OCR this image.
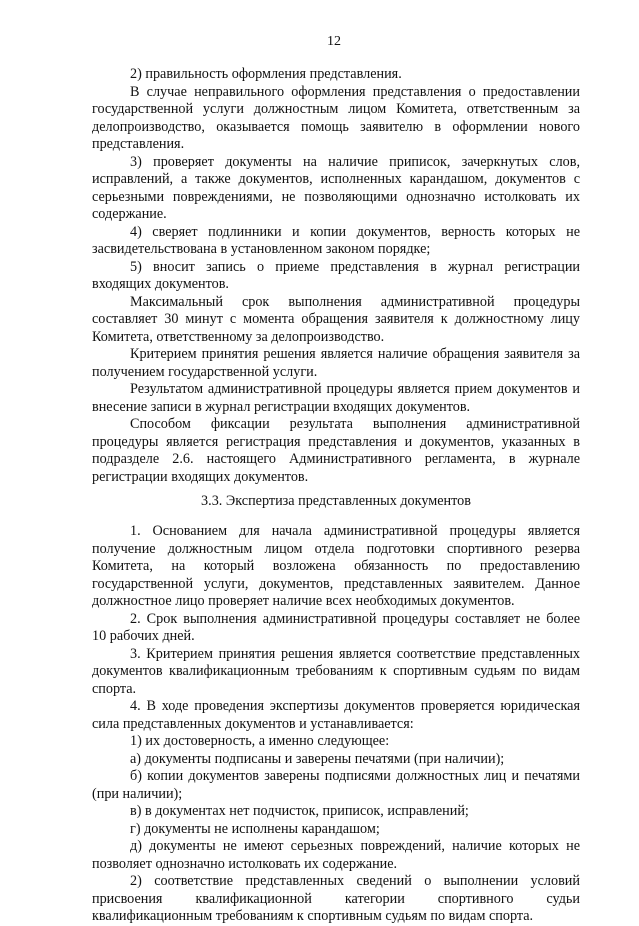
12

2) правильность оформления представления.

В случае неправильного оформления представления о предоставлении государственной услуги должностным лицом Комитета, ответственным за делопроизводство, оказывается помощь заявителю в оформлении нового представления.

3) проверяет документы на наличие приписок, зачеркнутых слов, исправлений, а также документов, исполненных карандашом, документов с серьезными повреждениями, не позволяющими однозначно истолковать их содержание.

4) сверяет подлинники и копии документов, верность которых не засвидетельствована в установленном законом порядке;

5) вносит запись о приеме представления в журнал регистрации входящих документов.

Максимальный срок выполнения административной процедуры составляет 30 минут с момента обращения заявителя к должностному лицу Комитета, ответственному за делопроизводство.

Критерием принятия решения является наличие обращения заявителя за получением государственной услуги.

Результатом административной процедуры является прием документов и внесение записи в журнал регистрации входящих документов.

Способом фиксации результата выполнения административной процедуры является регистрация представления и документов, указанных в подразделе 2.6. настоящего Административного регламента, в журнале регистрации входящих документов.

3.3. Экспертиза представленных документов

1. Основанием для начала административной процедуры является получение должностным лицом отдела подготовки спортивного резерва Комитета, на который возложена обязанность по предоставлению государственной услуги, документов, представленных заявителем. Данное должностное лицо проверяет наличие всех необходимых документов.

2. Срок выполнения административной процедуры составляет не более 10 рабочих дней.

3. Критерием принятия решения является соответствие представленных документов квалификационным требованиям к спортивным судьям по видам спорта.

4. В ходе проведения экспертизы документов проверяется юридическая сила представленных документов и устанавливается:

1) их достоверность, а именно следующее:

а) документы подписаны и заверены печатями (при наличии);

б) копии документов заверены подписями должностных лиц и печатями (при наличии);

в) в документах нет подчисток, приписок, исправлений;

г) документы не исполнены карандашом;

д) документы не имеют серьезных повреждений, наличие которых не позволяет однозначно истолковать их содержание.

2) соответствие представленных сведений о выполнении условий присвоения квалификационной категории спортивного судьи квалификационным требованиям к спортивным судьям по видам спорта.
